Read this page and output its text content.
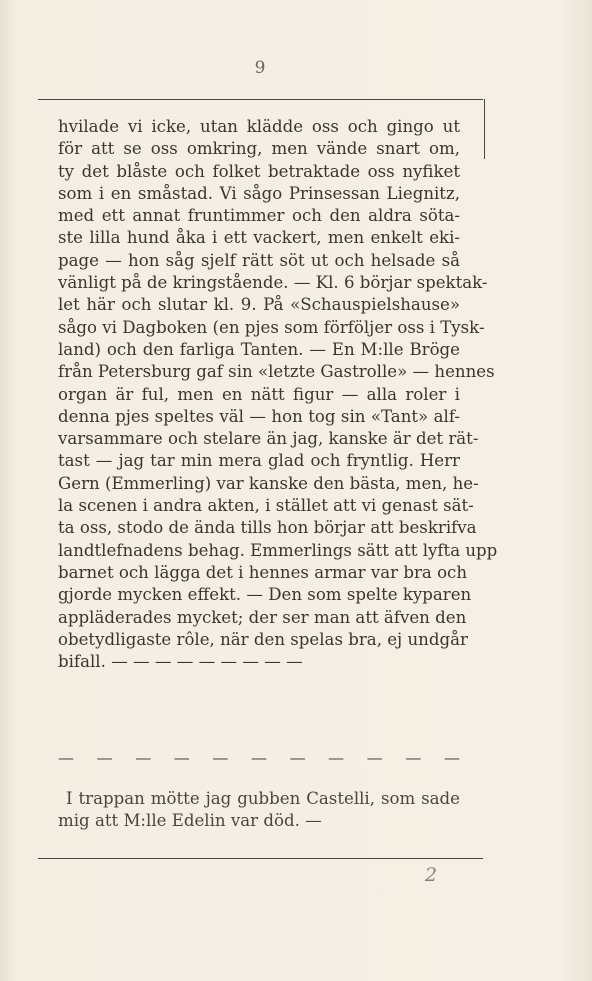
9
hvilade vi icke, utan klädde oss och gingo ut
för att se oss omkring, men vände snart om,
ty det blåste och folket betraktade oss nyfiket
som i en småstad. Vi sågo Prinsessan Liegnitz,
med ett annat fruntimmer och den aldra söta-
ste lilla hund åka i ett vackert, men enkelt eki-
page — hon såg sjelf rätt söt ut och helsade så
vänligt på de kringstående. — Kl. 6 börjar spektak-
let här och slutar kl. 9. På «Schauspielshause»
sågo vi Dagboken (en pjes som förföljer oss i Tysk-
land) och den farliga Tanten. — En M:lle Bröge
från Petersburg gaf sin «letzte Gastrolle» — hennes
organ är ful, men en nätt figur — alla roler i
denna pjes speltes väl — hon tog sin «Tant» alf-
varsammare och stelare än jag, kanske är det rät-
tast — jag tar min mera glad och fryntlig. Herr
Gern (Emmerling) var kanske den bästa, men, he-
la scenen i andra akten, i stället att vi genast sät-
ta oss, stodo de ända tills hon börjar att beskrifva
landtlefnadens behag. Emmerlings sätt att lyfta upp
barnet och lägga det i hennes armar var bra och
gjorde mycken effekt. — Den som spelte kyparen
appläderades mycket; der ser man att äfven den
obetydligaste rôle, när den spelas bra, ej undgår
bifall. — — — — — — — — —
— — — — — — — — — — —
I trappan mötte jag gubben Castelli, som sade
mig att M:lle Edelin var död. —
2
